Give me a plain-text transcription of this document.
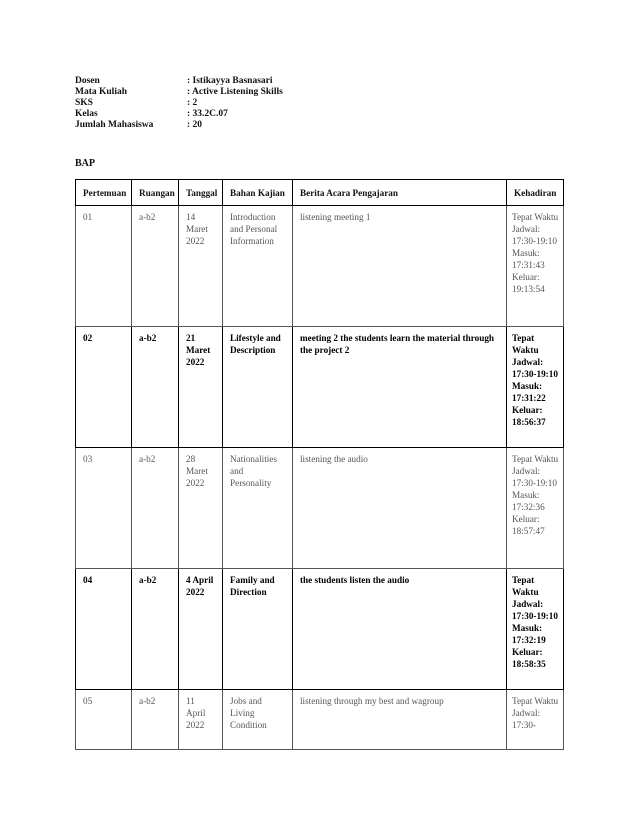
Dosen	: Istikayya Basnasari
Mata Kuliah	: Active Listening Skills
SKS	: 2
Kelas	: 33.2C.07
Jumlah Mahasiswa	: 20
BAP
Pertemuan	Ruangan	Tanggal	Bahan Kajian	Berita Acara Pengajaran	Kehadiran
01	a-b2	14 Maret 2022	Introduction and Personal Information	listening meeting 1	Tepat Waktu Jadwal: 17:30-19:10 Masuk: 17:31:43 Keluar: 19:13:54
02	a-b2	21 Maret 2022	Lifestyle and Description	meeting 2 the students learn the material through the project 2	Tepat Waktu Jadwal: 17:30-19:10 Masuk: 17:31:22 Keluar: 18:56:37
03	a-b2	28 Maret 2022	Nationalities and Personality	listening the audio	Tepat Waktu Jadwal: 17:30-19:10 Masuk: 17:32:36 Keluar: 18:57:47
04	a-b2	4 April 2022	Family and Direction	the students listen the audio	Tepat Waktu Jadwal: 17:30-19:10 Masuk: 17:32:19 Keluar: 18:58:35
05	a-b2	11 April 2022	Jobs and Living Condition	listening through my best and wagroup	Tepat Waktu Jadwal: 17:30-
